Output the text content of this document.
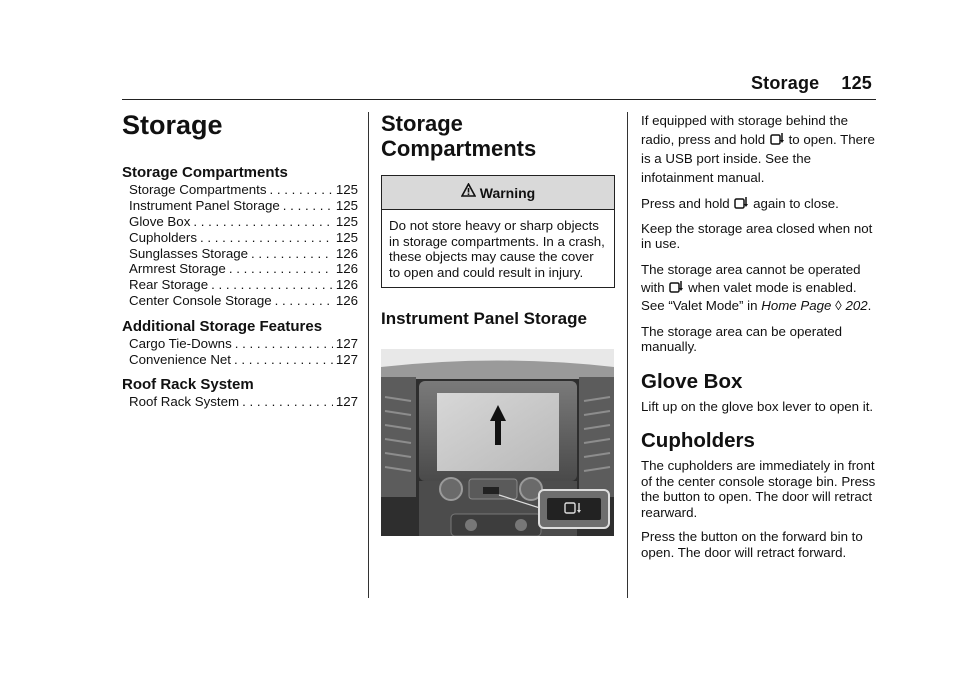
Storage 125
Storage
Storage Compartments
Storage Compartments . . .	125
Instrument Panel Storage . . .	125
Glove Box . . .	125
Cupholders . . .	125
Sunglasses Storage . . .	126
Armrest Storage . . .	126
Rear Storage . . .	126
Center Console Storage . . .	126
Additional Storage Features
Cargo Tie-Downs . . .	127
Convenience Net . . .	127
Roof Rack System
Roof Rack System . . .	127
Storage
Compartments
Warning

Do not store heavy or sharp objects in storage compartments. In a crash, these objects may cause the cover to open and could result in injury.

Instrument Panel Storage

If equipped with storage behind the radio, press and hold to open. There is a USB port inside. See the infotainment manual.

Press and hold again to close.

Keep the storage area closed when not in use.

The storage area cannot be operated with when valet mode is enabled. See “Valet Mode” in Home Page ◊ 202.

The storage area can be operated manually.

Glove Box

Lift up on the glove box lever to open it.

Cupholders

The cupholders are immediately in front of the center console storage bin. Press the button to open. The door will retract rearward.

Press the button on the forward bin to open. The door will retract forward.
